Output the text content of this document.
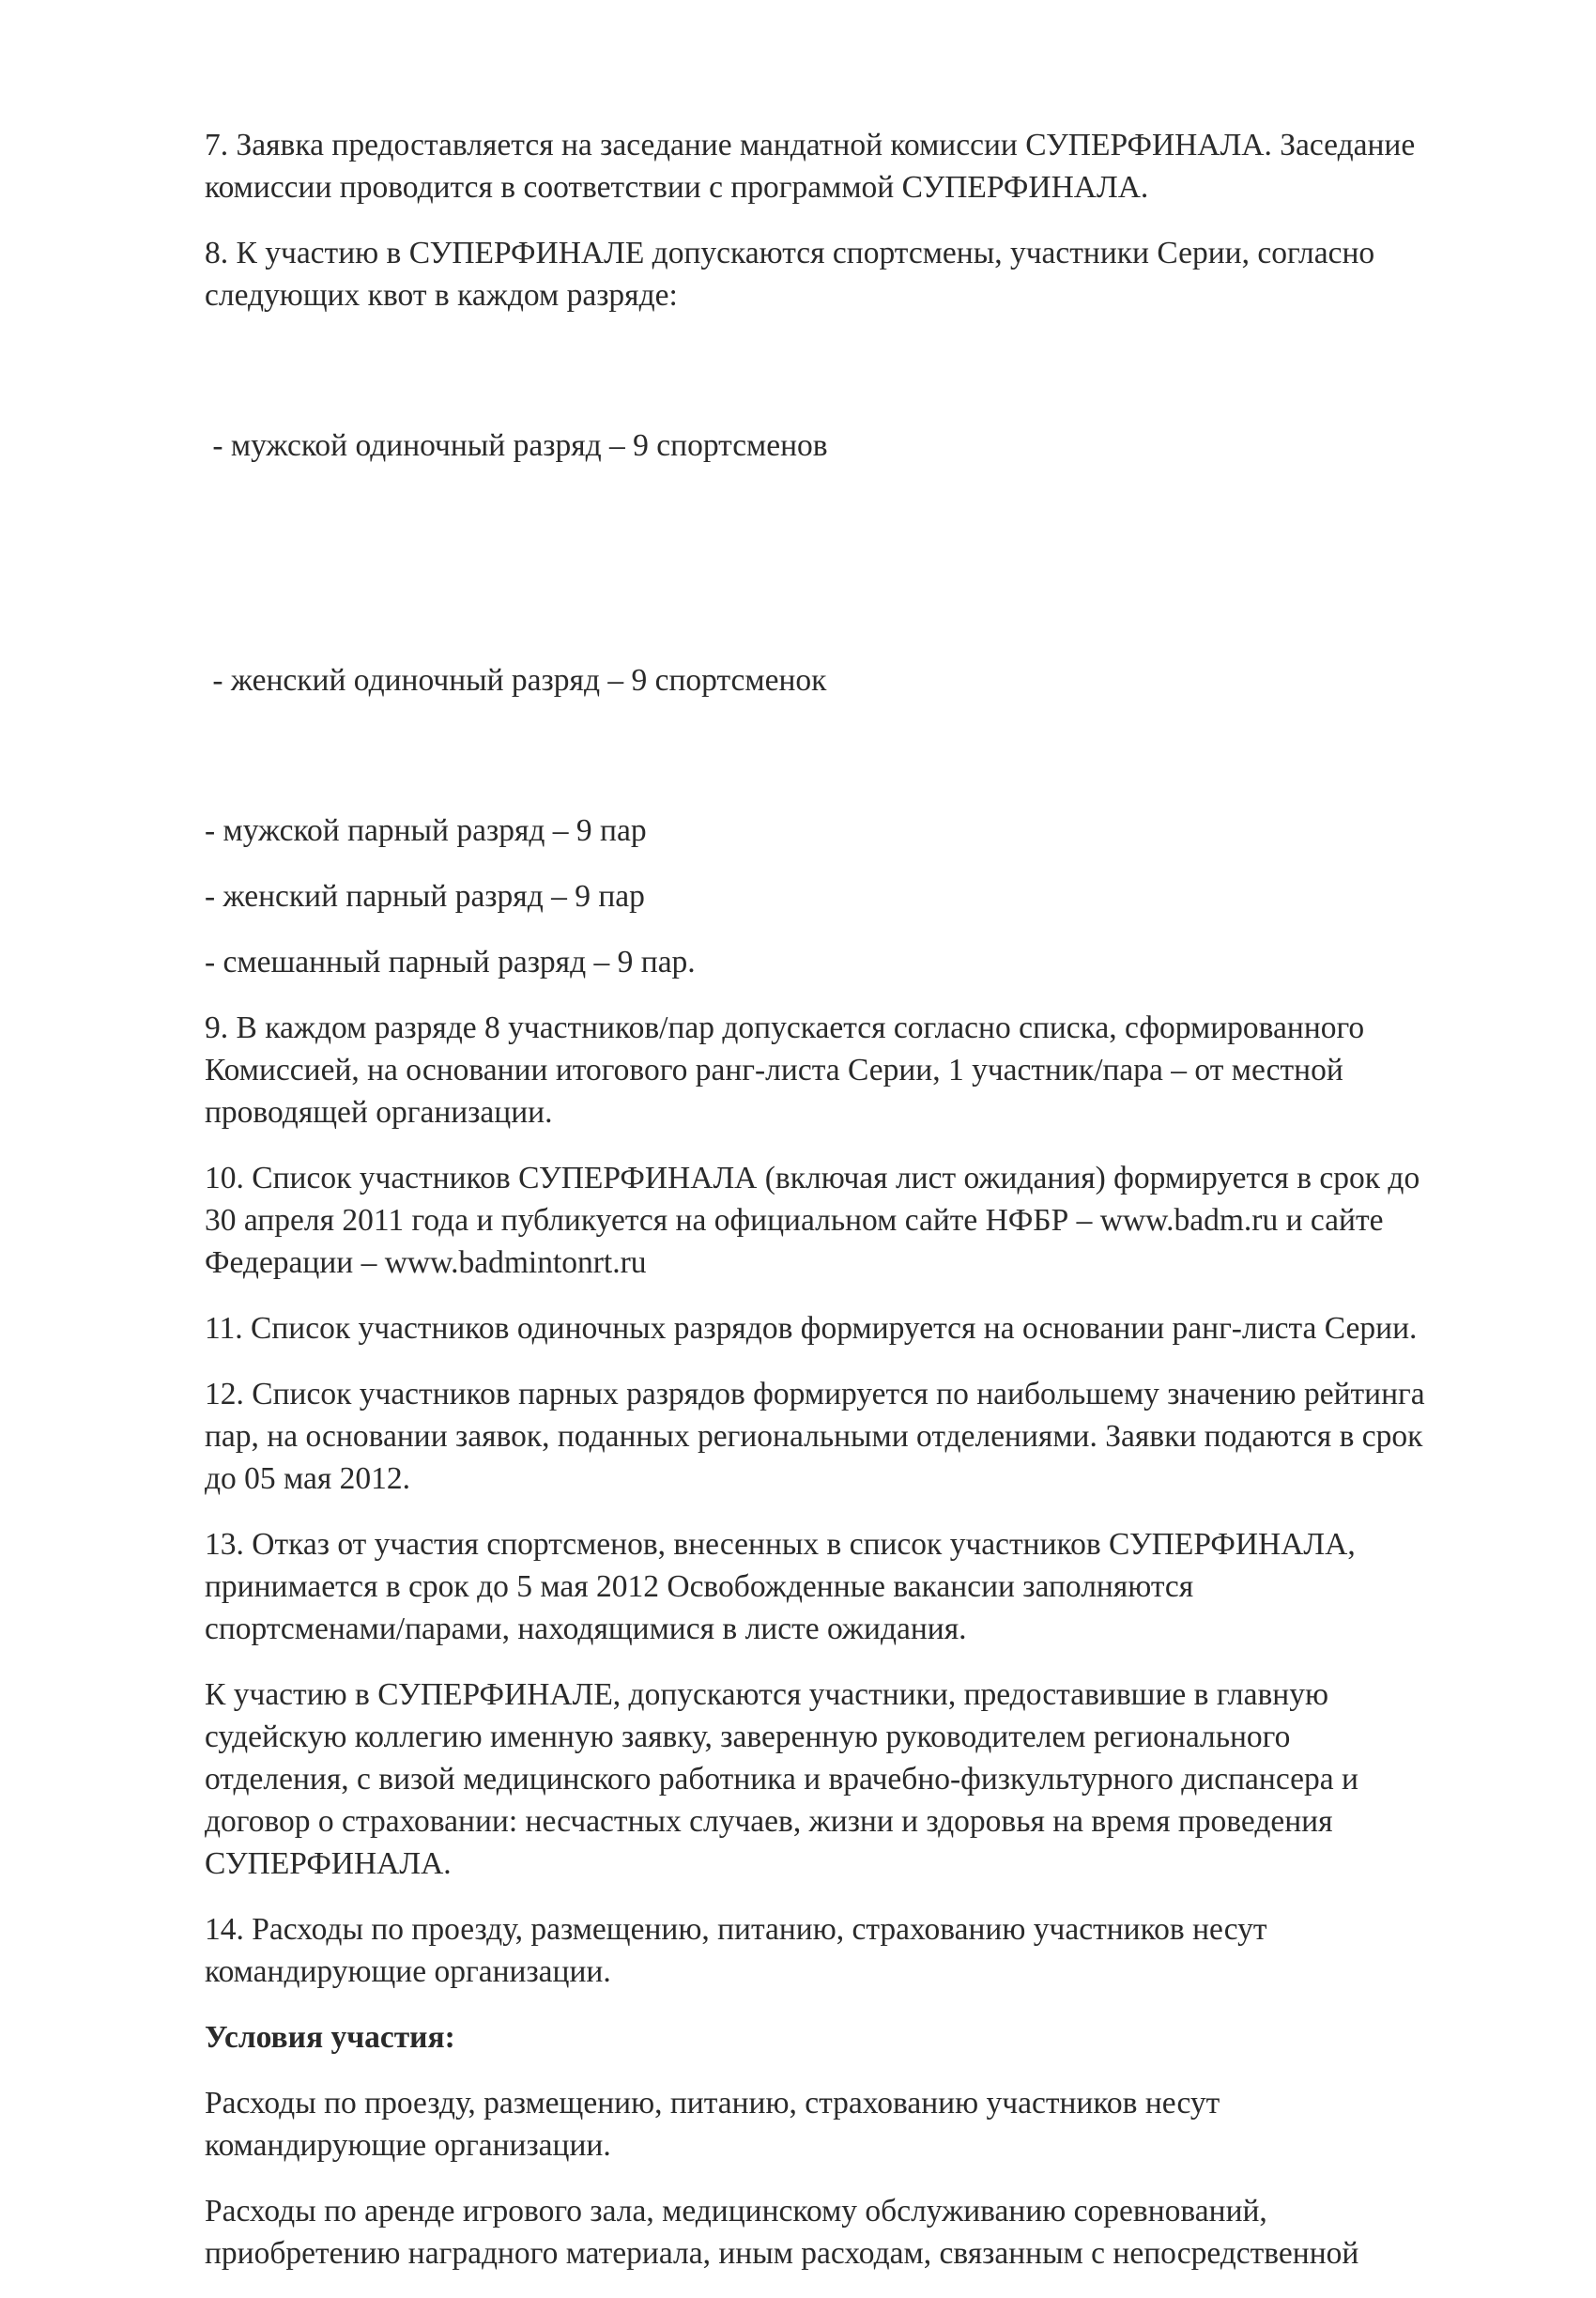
7. Заявка предоставляется на заседание мандатной комиссии СУПЕРФИНАЛА. Заседание
комиссии проводится в соответствии с программой СУПЕРФИНАЛА.
8. К участию в СУПЕРФИНАЛЕ допускаются спортсмены, участники Серии, согласно
следующих квот в каждом разряде:

- мужской одиночный разряд – 9 спортсменов

- женский одиночный разряд – 9 спортсменок

- мужской парный разряд – 9 пар
- женский парный разряд – 9 пар
- смешанный парный разряд – 9 пар.
9. В каждом разряде 8 участников/пар допускается согласно списка, сформированного
Комиссией, на основании итогового ранг-листа Серии, 1 участник/пара – от местной
проводящей организации.
10. Список участников СУПЕРФИНАЛА (включая лист ожидания) формируется в срок до
30 апреля 2011 года и публикуется на официальном сайте НФБР – www.badm.ru и сайте
Федерации – www.badmintonrt.ru
11. Список участников одиночных разрядов формируется на основании ранг-листа Серии.
12. Список участников парных разрядов формируется по наибольшему значению рейтинга
пар, на основании заявок, поданных региональными отделениями. Заявки подаются в срок
до 05 мая 2012.
13. Отказ от участия спортсменов, внесенных в список участников СУПЕРФИНАЛА,
принимается в срок до 5 мая 2012 Освобожденные вакансии заполняются
спортсменами/парами, находящимися в листе ожидания.
К участию в СУПЕРФИНАЛЕ, допускаются участники, предоставившие в главную
судейскую коллегию именную заявку, заверенную руководителем регионального
отделения, с визой медицинского работника и врачебно-физкультурного диспансера и
договор о страховании: несчастных случаев, жизни и здоровья на время проведения
СУПЕРФИНАЛА.
14. Расходы по проезду, размещению, питанию, страхованию участников несут
командирующие организации.
Условия участия:
Расходы по проезду, размещению, питанию, страхованию участников несут
командирующие организации.
Расходы по аренде игрового зала, медицинскому обслуживанию соревнований,
приобретению наградного материала, иным расходам, связанным с непосредственной
